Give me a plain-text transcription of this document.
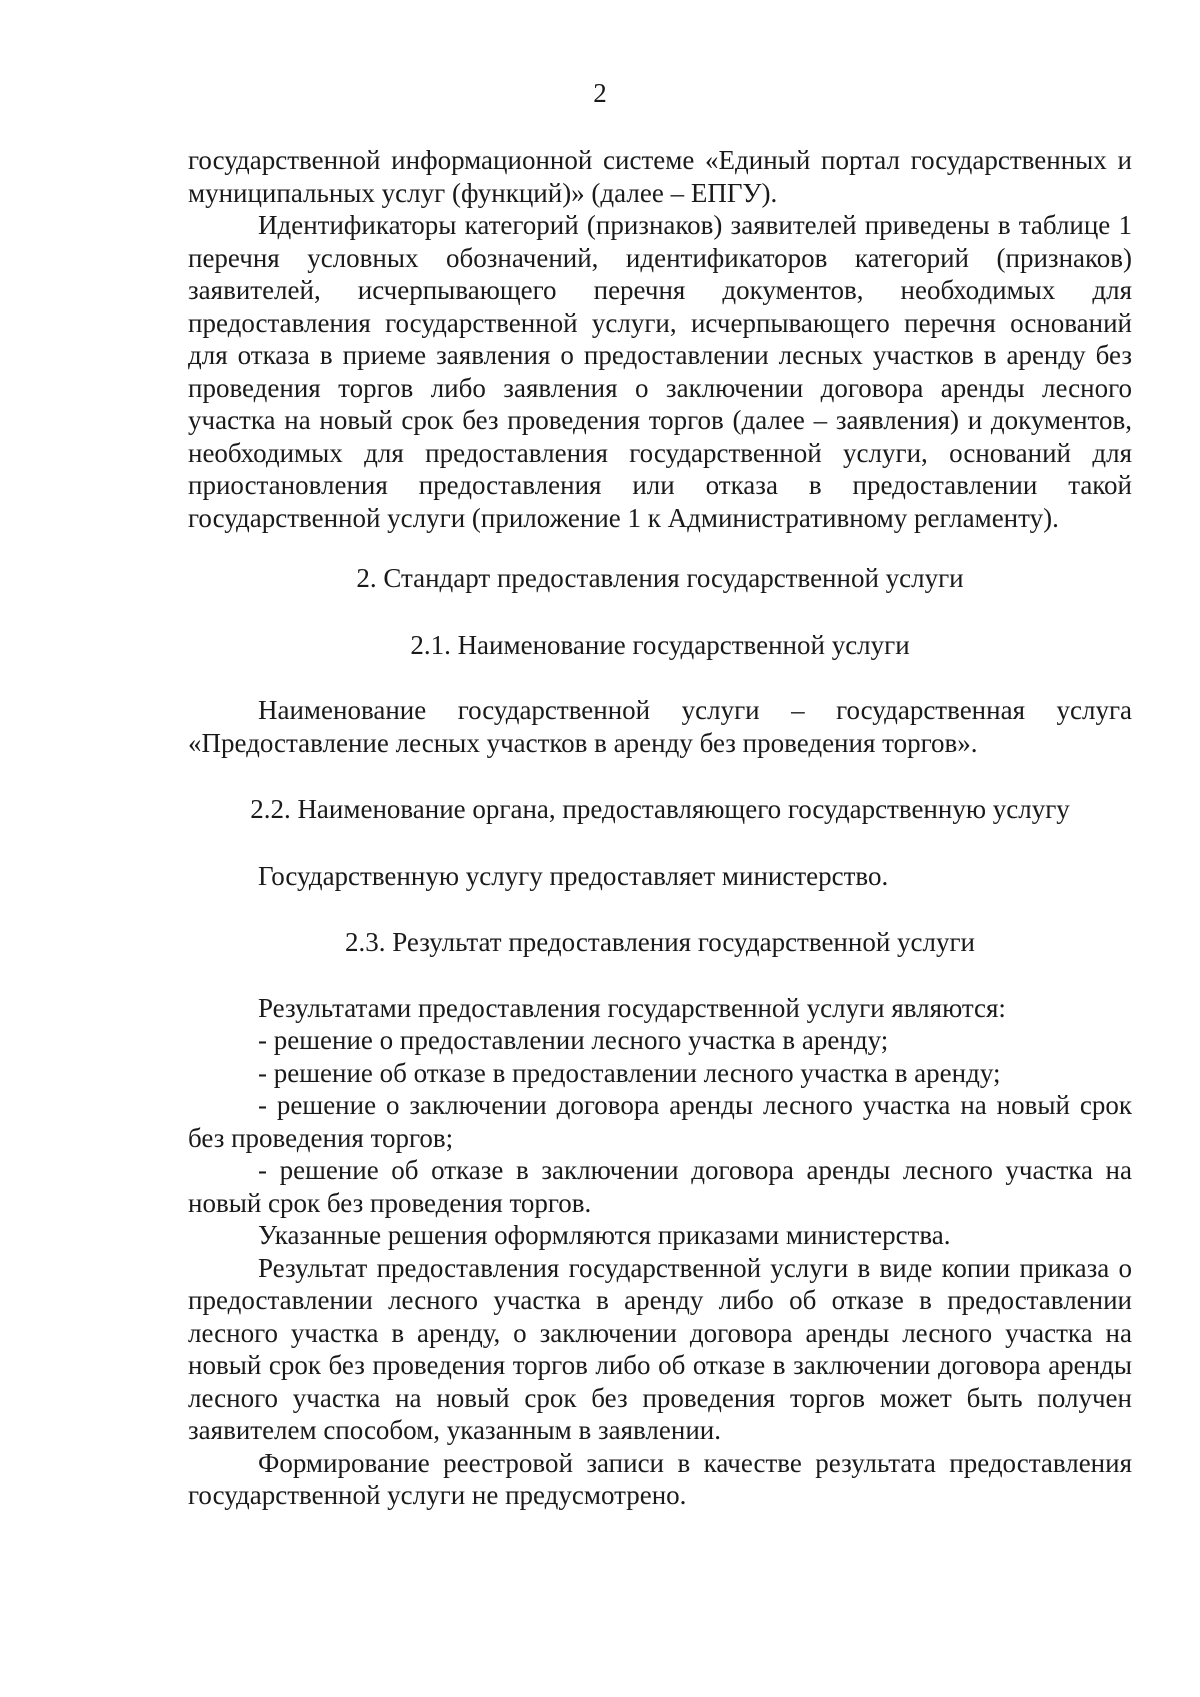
2

государственной информационной системе «Единый портал государственных и муниципальных услуг (функций)» (далее – ЕПГУ).

Идентификаторы категорий (признаков) заявителей приведены в таблице 1 перечня условных обозначений, идентификаторов категорий (признаков) заявителей, исчерпывающего перечня документов, необходимых для предоставления государственной услуги, исчерпывающего перечня оснований для отказа в приеме заявления о предоставлении лесных участков в аренду без проведения торгов либо заявления о заключении договора аренды лесного участка на новый срок без проведения торгов (далее – заявления) и документов, необходимых для предоставления государственной услуги, оснований для приостановления предоставления или отказа в предоставлении такой государственной услуги (приложение 1 к Административному регламенту).

2. Стандарт предоставления государственной услуги

2.1. Наименование государственной услуги

Наименование государственной услуги – государственная услуга «Предоставление лесных участков в аренду без проведения торгов».

2.2. Наименование органа, предоставляющего государственную услугу

Государственную услугу предоставляет министерство.

2.3. Результат предоставления государственной услуги

Результатами предоставления государственной услуги являются:

- решение о предоставлении лесного участка в аренду;

- решение об отказе в предоставлении лесного участка в аренду;

- решение о заключении договора аренды лесного участка на новый срок без проведения торгов;

- решение об отказе в заключении договора аренды лесного участка на новый срок без проведения торгов.

Указанные решения оформляются приказами министерства.

Результат предоставления государственной услуги в виде копии приказа о предоставлении лесного участка в аренду либо об отказе в предоставлении лесного участка в аренду, о заключении договора аренды лесного участка на новый срок без проведения торгов либо об отказе в заключении договора аренды лесного участка на новый срок без проведения торгов может быть получен заявителем способом, указанным в заявлении.

Формирование реестровой записи в качестве результата предоставления государственной услуги не предусмотрено.
